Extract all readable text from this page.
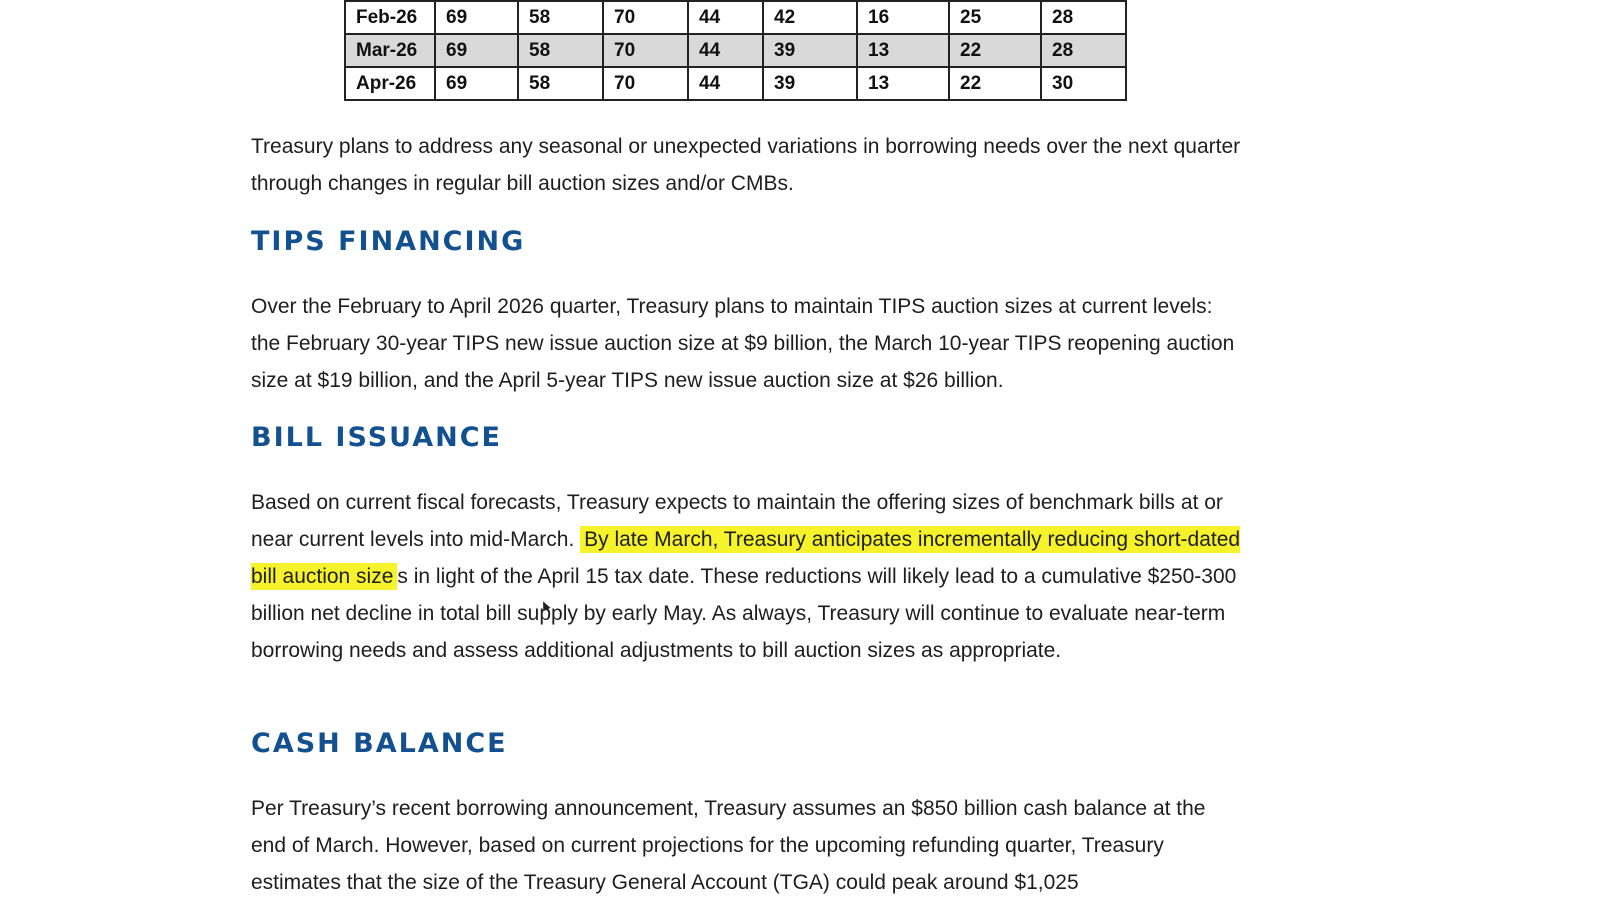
Feb-26	69	58	70	44	42	16	25	28
Mar-26	69	58	70	44	39	13	22	28
Apr-26	69	58	70	44	39	13	22	30

Treasury plans to address any seasonal or unexpected variations in borrowing needs over the next quarter through changes in regular bill auction sizes and/or CMBs.

TIPS FINANCING

Over the February to April 2026 quarter, Treasury plans to maintain TIPS auction sizes at current levels: the February 30-year TIPS new issue auction size at $9 billion, the March 10-year TIPS reopening auction size at $19 billion, and the April 5-year TIPS new issue auction size at $26 billion.

BILL ISSUANCE

Based on current fiscal forecasts, Treasury expects to maintain the offering sizes of benchmark bills at or near current levels into mid-March. By late March, Treasury anticipates incrementally reducing short-dated bill auction size s in light of the April 15 tax date. These reductions will likely lead to a cumulative $250-300 billion net decline in total bill supply by early May. As always, Treasury will continue to evaluate near-term borrowing needs and assess additional adjustments to bill auction sizes as appropriate.

CASH BALANCE

Per Treasury’s recent borrowing announcement, Treasury assumes an $850 billion cash balance at the end of March. However, based on current projections for the upcoming refunding quarter, Treasury estimates that the size of the Treasury General Account (TGA) could peak around $1,025
